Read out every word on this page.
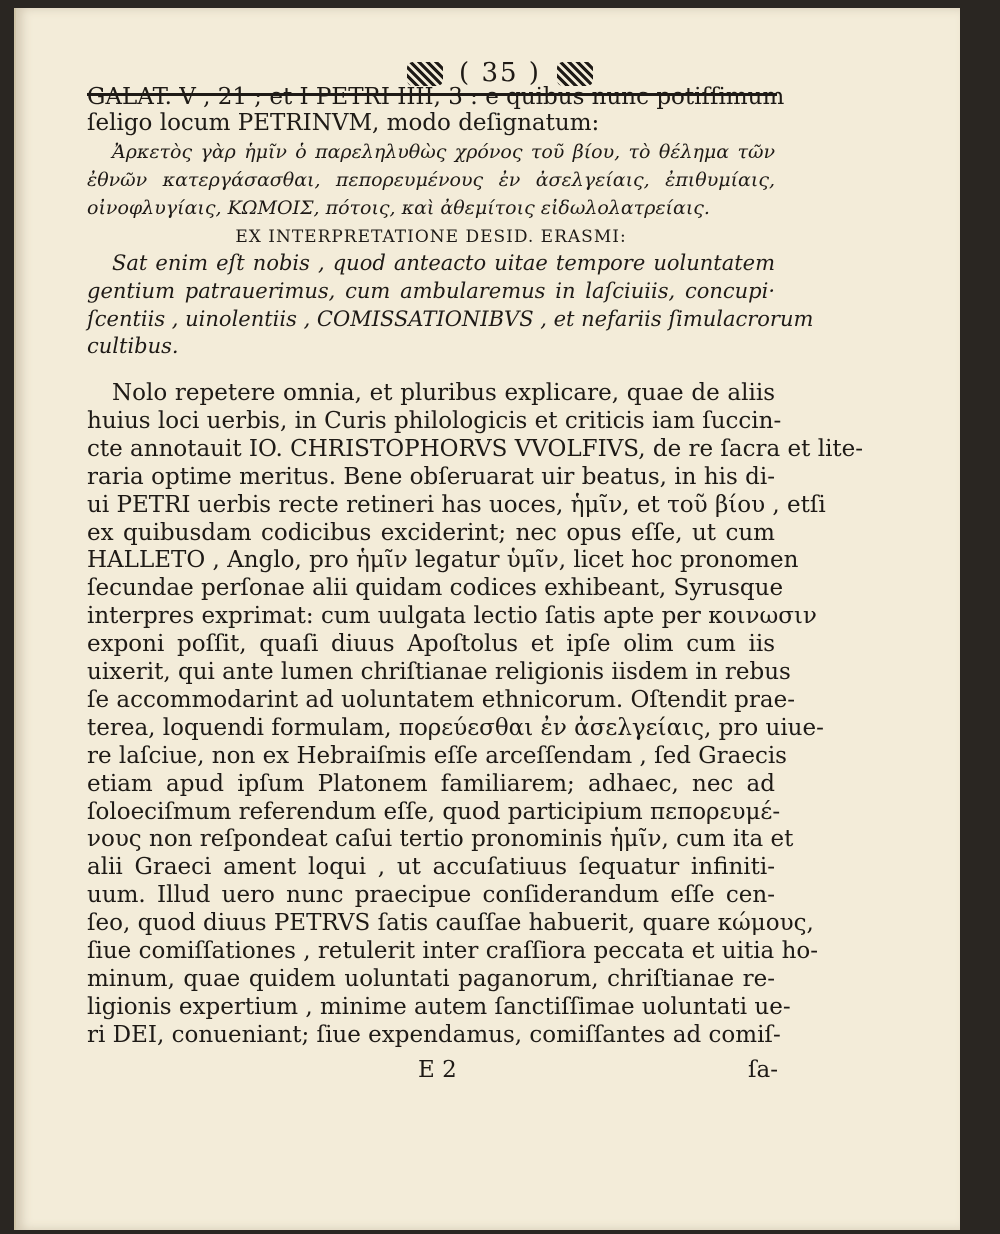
( 35 )
GALAT. V , 21 ; et I PETRI IIII, 3 : e quibus nunc potiſſimum
ſeligo locum PETRINVM, modo deſignatum:
Ἀρκετὸς γὰρ ἡμῖν ὁ παρεληλυθὼς χρόνος τοῦ βίου, τὸ θέλημα τῶν
ἐθνῶν κατεργάσασθαι, πεπορευμένους ἐν ἀσελγείαις, ἐπιθυμίαις,
οἰνοφλυγίαις, ΚΩΜΟΙΣ, πότοις, καὶ ἀθεμίτοις εἰδωλολατρείαις.
EX INTERPRETATIONE DESID. ERASMI:
Sat enim eſt nobis , quod anteacto uitae tempore uoluntatem
gentium patrauerimus, cum ambularemus in laſciuiis, concupi·
ſcentiis , uinolentiis , COMISSATIONIBVS , et nefariis ſimulacrorum
cultibus.
Nolo repetere omnia, et pluribus explicare, quae de aliis
huius loci uerbis, in Curis philologicis et criticis iam ſuccin-
cte annotauit IO. CHRISTOPHORVS VVOLFIVS, de re ſacra et lite-
raria optime meritus. Bene obſeruarat uir beatus, in his di-
ui PETRI uerbis recte retineri has uoces, ἡμῖν, et τοῦ βίου , etſi
ex quibusdam codicibus exciderint; nec opus eſſe, ut cum
HALLETO , Anglo, pro ἡμῖν legatur ὑμῖν, licet hoc pronomen
ſecundae perſonae alii quidam codices exhibeant, Syrusque
interpres exprimat: cum uulgata lectio ſatis apte per κοινωσιν
exponi poſſit, quaſi diuus Apoſtolus et ipſe olim cum iis
uixerit, qui ante lumen chriſtianae religionis iisdem in rebus
ſe accommodarint ad uoluntatem ethnicorum. Oſtendit prae-
terea, loquendi formulam, πορεύεσθαι ἐν ἀσελγείαις, pro uiue-
re laſciue, non ex Hebraiſmis eſſe arceſſendam , ſed Graecis
etiam apud ipſum Platonem familiarem; adhaec, nec ad
ſoloeciſmum referendum eſſe, quod participium πεπορευμέ-
νους non reſpondeat caſui tertio pronominis ἡμῖν, cum ita et
alii Graeci ament loqui , ut accuſatiuus ſequatur infiniti-
uum. Illud uero nunc praecipue conſiderandum eſſe cen-
ſeo, quod diuus PETRVS ſatis cauſſae habuerit, quare κώμους,
ſiue comiſſationes , retulerit inter craſſiora peccata et uitia ho-
minum, quae quidem uoluntati paganorum, chriſtianae re-
ligionis expertium , minime autem ſanctiſſimae uoluntati ue-
ri DEI, conueniant; ſiue expendamus, comiſſantes ad comiſ-
E 2	ſa-
